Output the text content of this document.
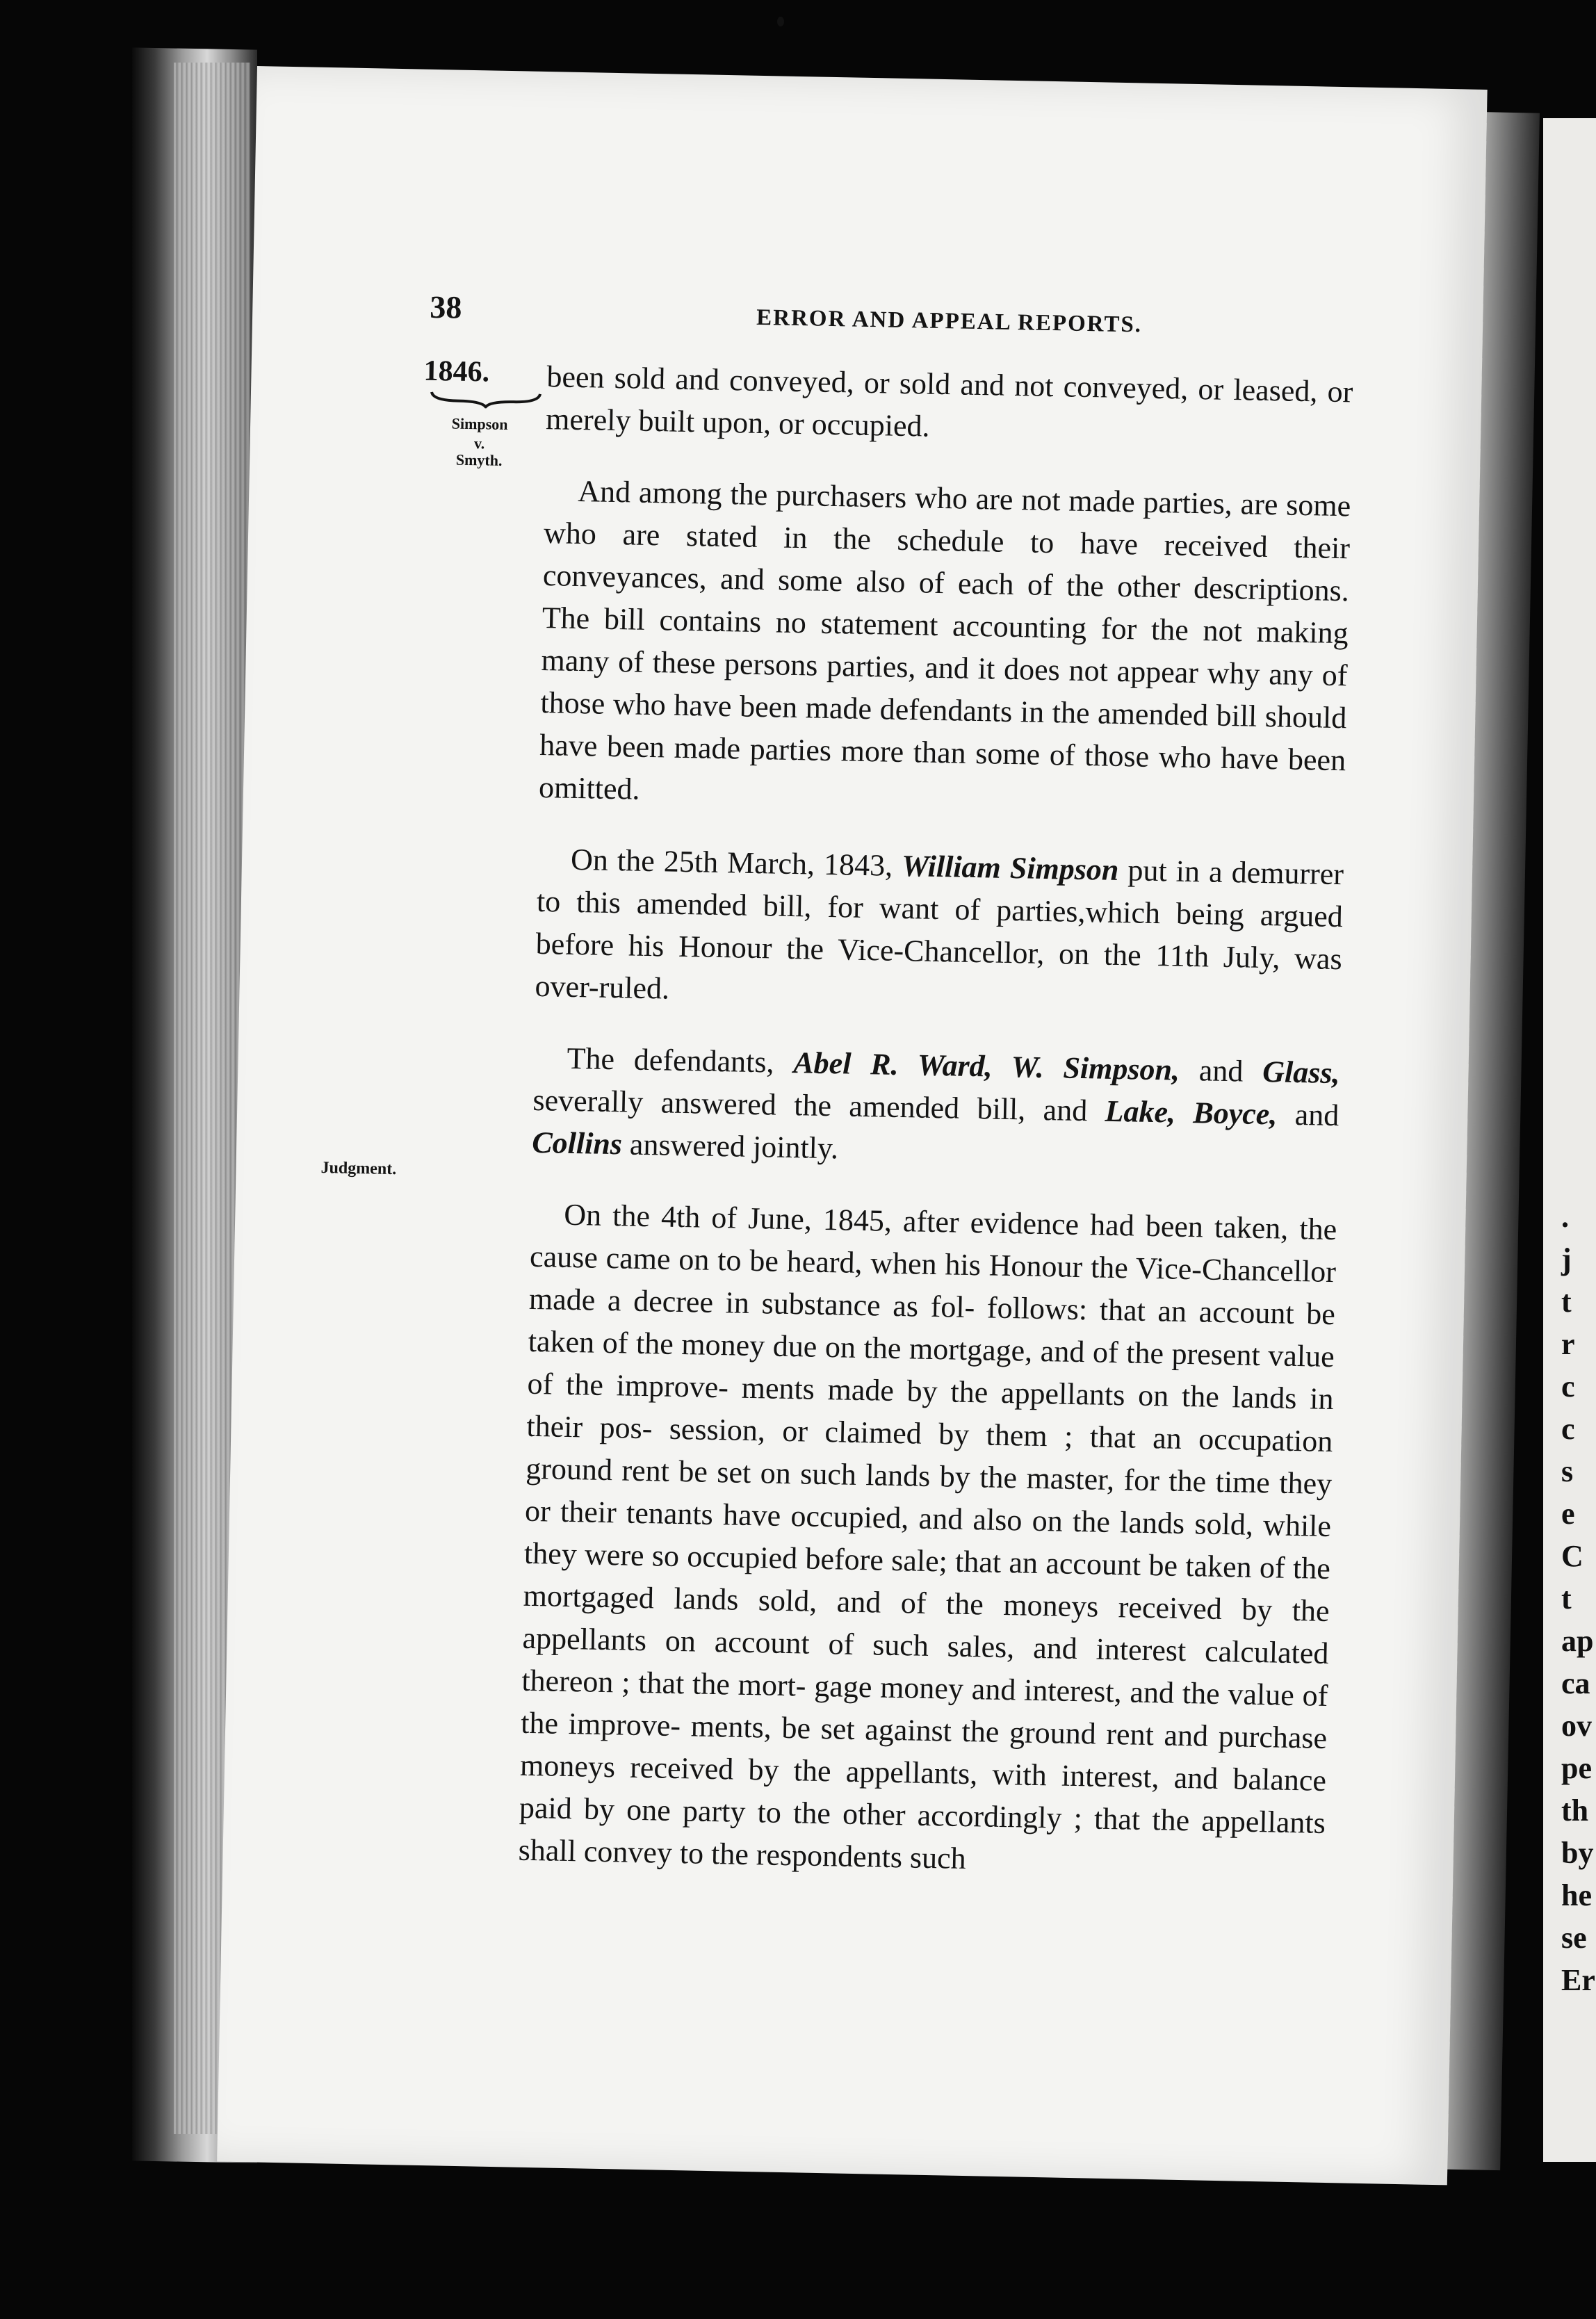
.
j
t
r
c
c
s
e
C
t
ap
ca
ov
pe
th
by
he
se
Er
38	ERROR AND APPEAL REPORTS.
1846.
Simpson
v.
Smyth.
Judgment.

been sold and conveyed, or sold and not conveyed, or leased, or merely built upon, or occupied.

And among the purchasers who are not made parties, are some who are stated in the schedule to have received their conveyances, and some also of each of the other descriptions. The bill contains no statement accounting for the not making many of these persons parties, and it does not appear why any of those who have been made defendants in the amended bill should have been made parties more than some of those who have been omitted.

On the 25th March, 1843, William Simpson put in a demurrer to this amended bill, for want of parties,which being argued before his Honour the Vice-Chancellor, on the 11th July, was over-ruled.

The defendants, Abel R. Ward, W. Simpson, and Glass, severally answered the amended bill, and Lake, Boyce, and Collins answered jointly.

On the 4th of June, 1845, after evidence had been taken, the cause came on to be heard, when his Honour the Vice-Chancellor made a decree in substance as fol- follows: that an account be taken of the money due on the mortgage, and of the present value of the improve- ments made by the appellants on the lands in their pos- session, or claimed by them ; that an occupation ground rent be set on such lands by the master, for the time they or their tenants have occupied, and also on the lands sold, while they were so occupied before sale; that an account be taken of the mortgaged lands sold, and of the moneys received by the appellants on account of such sales, and interest calculated thereon ; that the mort- gage money and interest, and the value of the improve- ments, be set against the ground rent and purchase moneys received by the appellants, with interest, and balance paid by one party to the other accordingly ; that the appellants shall convey to the respondents such
